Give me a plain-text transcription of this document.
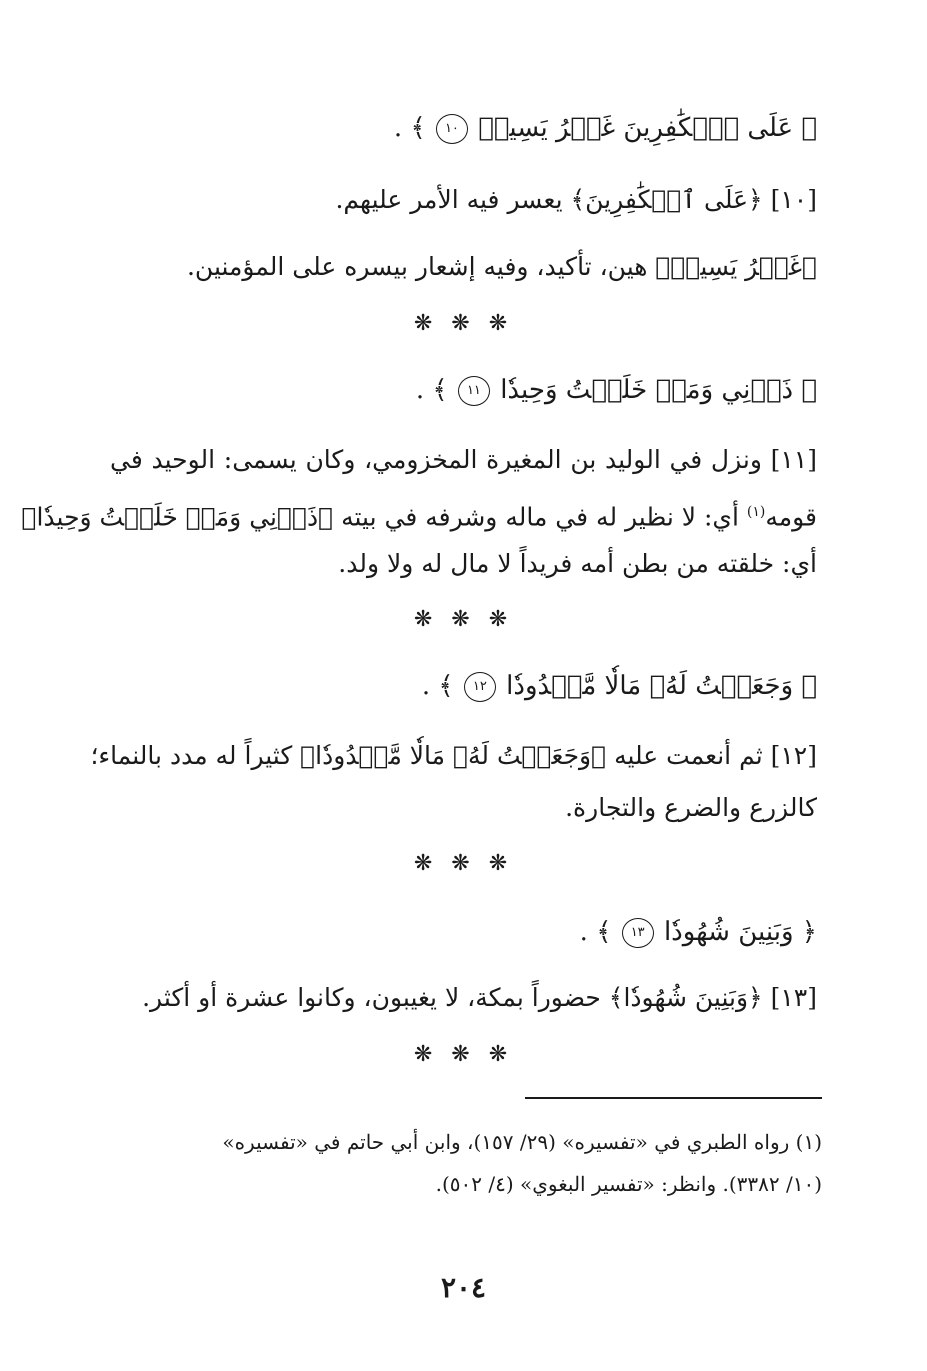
﴿ عَلَى ٱلۡكَٰفِرِينَ غَيۡرُ يَسِيرٖ ١٠ ﴾ .
[١٠] ﴿عَلَى ٱلۡكَٰفِرِينَ﴾ يعسر فيه الأمر عليهم.
﴿غَيۡرُ يَسِيرٖ﴾ هين، تأكيد، وفيه إشعار بيسره على المؤمنين.
❋ ❋ ❋
﴿ ذَرۡنِي وَمَنۡ خَلَقۡتُ وَحِيدٗا ١١ ﴾ .
[١١] ونزل في الوليد بن المغيرة المخزومي، وكان يسمى: الوحيد في
قومه$^{(١)}$ أي: لا نظير له في ماله وشرفه في بيته ﴿ذَرۡنِي وَمَنۡ خَلَقۡتُ وَحِيدٗا﴾
أي: خلقته من بطن أمه فريداً لا مال له ولا ولد.
❋ ❋ ❋
﴿ وَجَعَلۡتُ لَهُۥ مَالٗا مَّمۡدُودٗا ١٢ ﴾ .
[١٢] ثم أنعمت عليه ﴿وَجَعَلۡتُ لَهُۥ مَالٗا مَّمۡدُودٗا﴾ كثيراً له مدد بالنماء؛
كالزرع والضرع والتجارة.
❋ ❋ ❋
﴿ وَبَنِينَ شُهُودٗا ١٣ ﴾ .
[١٣] ﴿وَبَنِينَ شُهُودٗا﴾ حضوراً بمكة، لا يغيبون، وكانوا عشرة أو أكثر.
❋ ❋ ❋
(١) رواه الطبري في «تفسيره» (٢٩/ ١٥٧)، وابن أبي حاتم في «تفسيره»
(١٠/ ٣٣٨٢). وانظر: «تفسير البغوي» (٤/ ٥٠٢).
٢٠٤
